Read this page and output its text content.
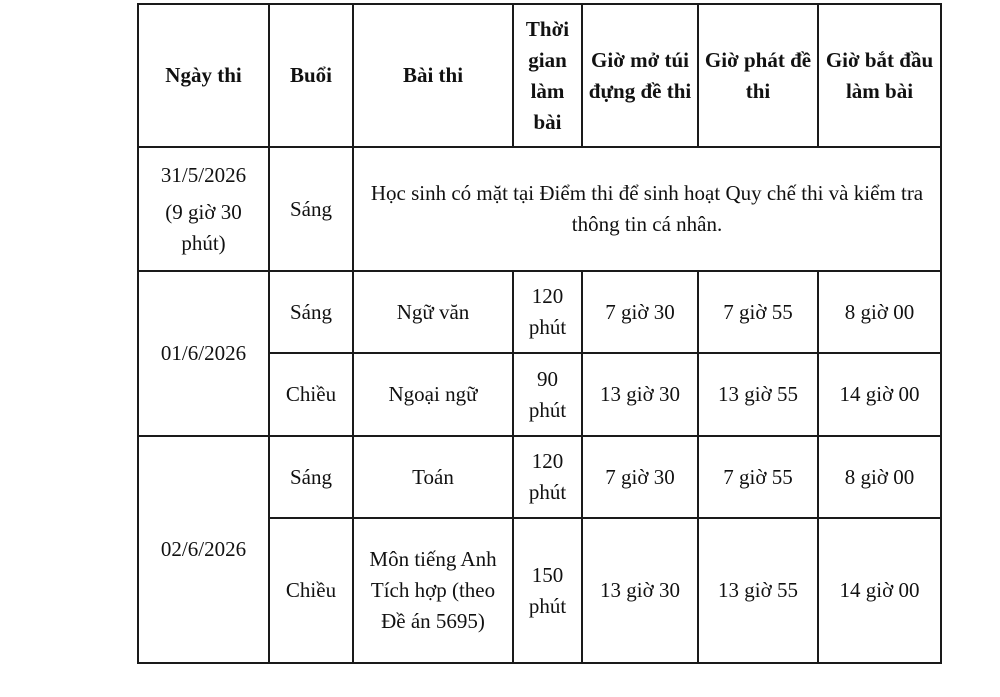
Ngày thi	Buổi	Bài thi	Thời gian làm bài	Giờ mở túi đựng đề thi	Giờ phát đề thi	Giờ bắt đầu làm bài

31/5/2026
(9 giờ 30 phút)	Sáng	Học sinh có mặt tại Điểm thi để sinh hoạt Quy chế thi và kiểm tra thông tin cá nhân.				
01/6/2026	Sáng	Ngữ văn	120 phút	7 giờ 30	7 giờ 55	8 giờ 00
	Chiều	Ngoại ngữ	90 phút	13 giờ 30	13 giờ 55	14 giờ 00
02/6/2026	Sáng	Toán	120 phút	7 giờ 30	7 giờ 55	8 giờ 00
	Chiều	Môn tiếng Anh Tích hợp (theo Đề án 5695)	150 phút	13 giờ 30	13 giờ 55	14 giờ 00
